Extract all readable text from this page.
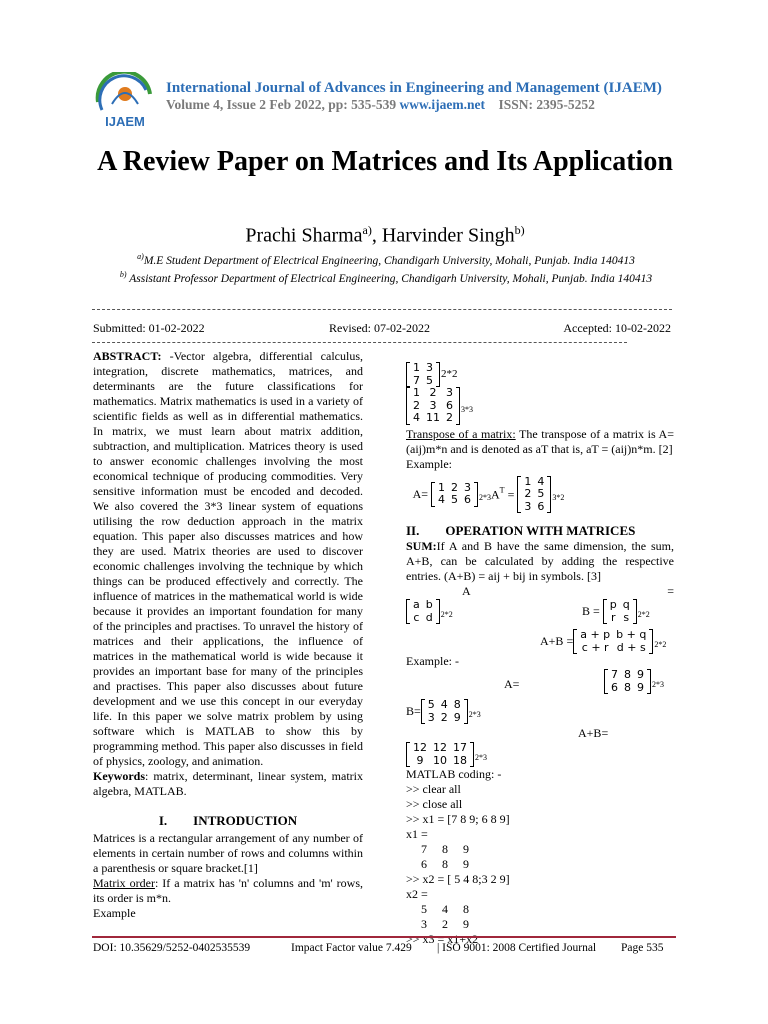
IJAEM
International Journal of Advances in Engineering and Management (IJAEM)
Volume 4, Issue 2 Feb 2022, pp: 535-539 www.ijaem.net ISSN: 2395-5252
A Review Paper on Matrices and Its Application
Prachi Sharma$^{a)}$, Harvinder Singh$^{b)}$
$^{a)}$M.E Student Department of Electrical Engineering, Chandigarh University, Mohali, Punjab. India 140413
$^{b)}$ Assistant Professor Department of Electrical Engineering, Chandigarh University, Mohali, Punjab. India 140413
Submitted: 01-02-2022	Revised: 07-02-2022	Accepted: 10-02-2022

ABSTRACT: -Vector algebra, differential calculus, integration, discrete mathematics, matrices, and determinants are the future classifications for mathematics. Matrix mathematics is used in a variety of scientific fields as well as in differential mathematics. In matrix, we must learn about matrix addition, subtraction, and multiplication. Matrices theory is used to answer economic challenges involving the most economical technique of producing commodities. Very sensitive information must be encoded and decoded. We also covered the 3*3 linear system of equations utilising the row deduction approach in the matrix equation. This paper also discusses matrices and how they are used. Matrix theories are used to discover economic challenges involving the technique by which things can be produced effectively and correctly. The influence of matrices in the mathematical world is wide because it provides an important foundation for many of the principles and practises. To unravel the history of matrices and their applications, the influence of matrices in the mathematical world is wide because it provides an important base for many of the principles and practises. This paper also discusses about future development and we use this concept in our everyday life. In this paper we solve matrix problem by using software which is MATLAB to show this by programming method. This paper also discusses in field of physics, zoology, and animation.

Keywords: matrix, determinant, linear system, matrix algebra, MATLAB.

I.        INTRODUCTION

Matrices is a rectangular arrangement of any number of elements in certain number of rows and columns within a parenthesis or square bracket.[1]

Matrix order: If a matrix has 'n' columns and 'm' rows, its order is m*n.

Example

1	3
7	5 2*2
1	2	3
2	3	6
4	11	2
$_{3*3}$
Transpose of a matrix: The transpose of a matrix is A= (aij)m*n and is denoted as aT that is, aT = (aij)n*m. [2]
Example:
A= 1	2	3
4	5	6 $_{2*3}A^T$ =
1	4
2	5
3	6
$_{3*2}$
II.        OPERATION WITH MATRICES
SUM:If A and B have the same dimension, the sum, A+B, can be calculated by adding the respective entries. (A+B) = aij + bij in symbols. [3]
A	=
a	b
c	d $_{2*2}$	B = p	q
r	s $_{2*2}$
A+B = a + p	b + q
c + r	d + s $_{2*2}$
Example: -
A=
7	8	9
6	8	9 $_{2*3}$
B= 5	4	8
3	2	9 $_{2*3}$
A+B=
12	12	17
9	10	18 $_{2*3}$
MATLAB coding: -
>> clear all
>> close all
>> x1 = [7 8 9; 6 8 9]
x1 =
7     8     9
6     8     9
>> x2 = [ 5 4 8;3 2 9]
x2 =
5     4     8
3     2     9
>> x3 = x1+x2
DOI: 10.35629/5252-0402535539	Impact Factor value 7.429 | ISO 9001: 2008 Certified Journal Page 535
